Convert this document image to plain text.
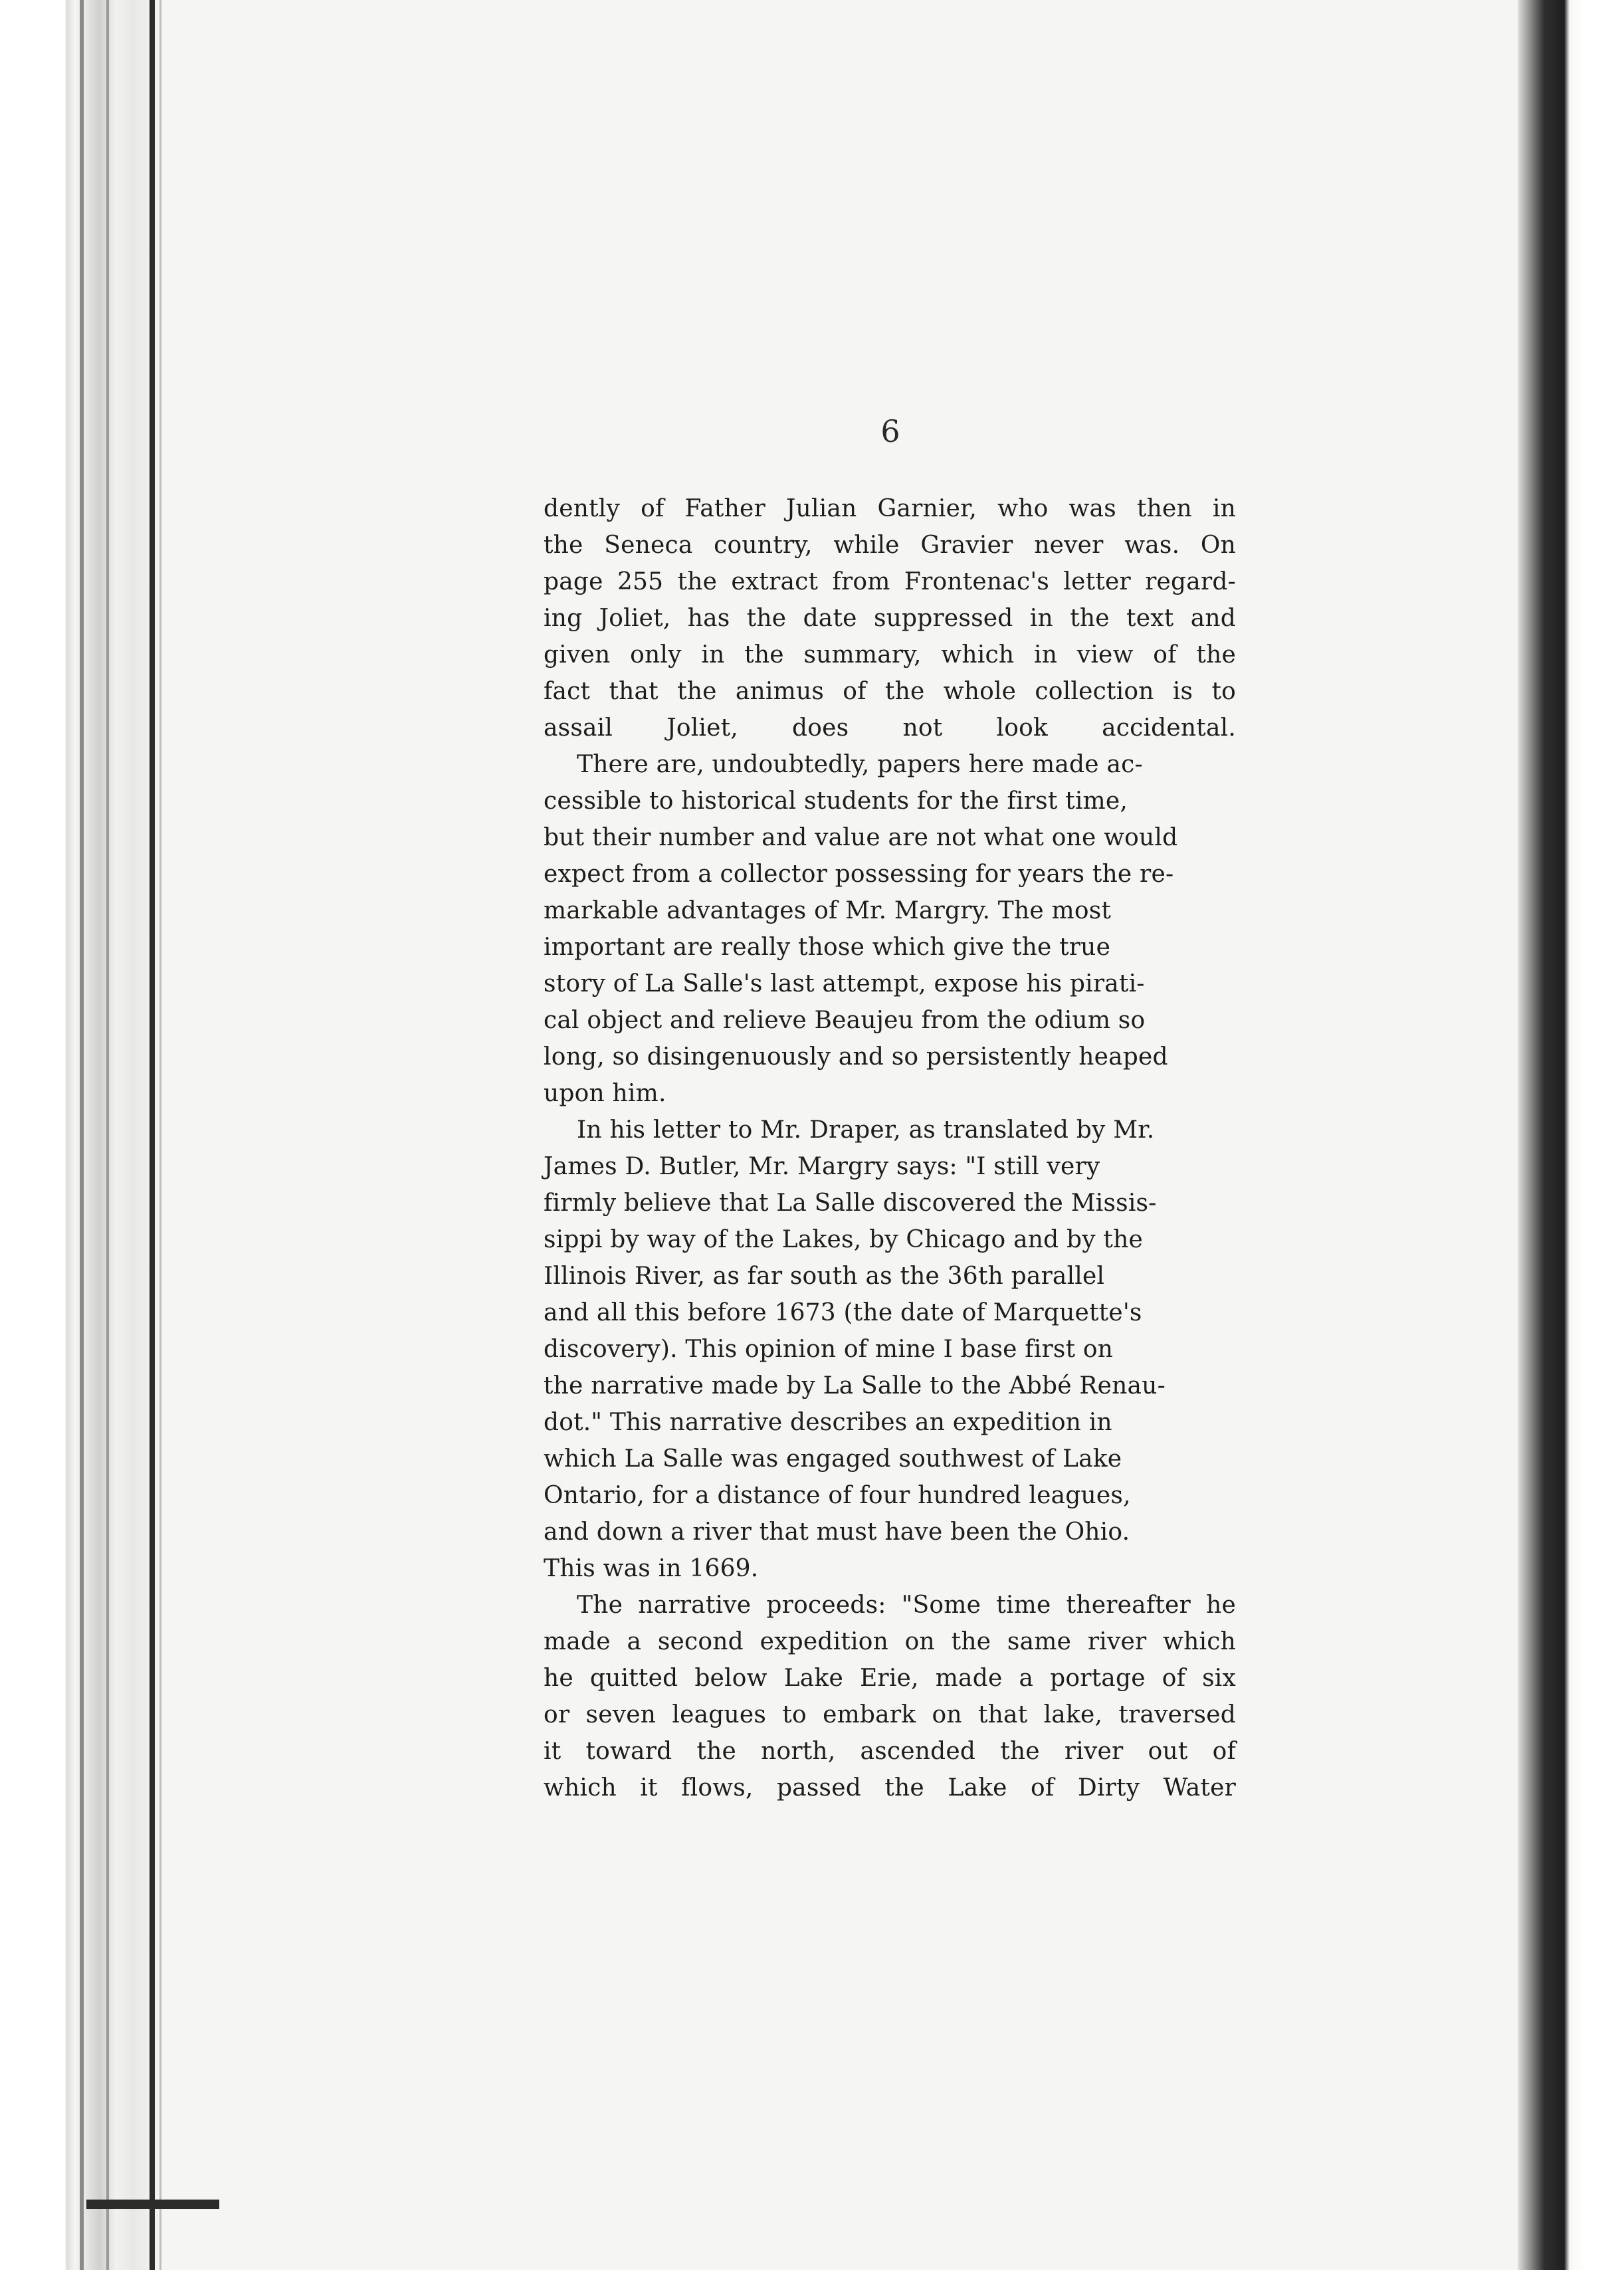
6

dently of Father Julian Garnier, who was then in
the Seneca country, while Gravier never was. On
page 255 the extract from Frontenac's letter regard-
ing Joliet, has the date suppressed in the text and
given only in the summary, which in view of the
fact that the animus of the whole collection is to
assail Joliet, does not look accidental.

There are, undoubtedly, papers here made ac-
cessible to historical students for the first time,
but their number and value are not what one would
expect from a collector possessing for years the re-
markable advantages of Mr. Margry. The most
important are really those which give the true
story of La Salle's last attempt, expose his pirati-
cal object and relieve Beaujeu from the odium so
long, so disingenuously and so persistently heaped
upon him.

In his letter to Mr. Draper, as translated by Mr.
James D. Butler, Mr. Margry says: "I still very
firmly believe that La Salle discovered the Missis-
sippi by way of the Lakes, by Chicago and by the
Illinois River, as far south as the 36th parallel
and all this before 1673 (the date of Marquette's
discovery). This opinion of mine I base first on
the narrative made by La Salle to the Abbé Renau-
dot." This narrative describes an expedition in
which La Salle was engaged southwest of Lake
Ontario, for a distance of four hundred leagues,
and down a river that must have been the Ohio.
This was in 1669.

The narrative proceeds: "Some time thereafter he
made a second expedition on the same river which
he quitted below Lake Erie, made a portage of six
or seven leagues to embark on that lake, traversed
it toward the north, ascended the river out of
which it flows, passed the Lake of Dirty Water
